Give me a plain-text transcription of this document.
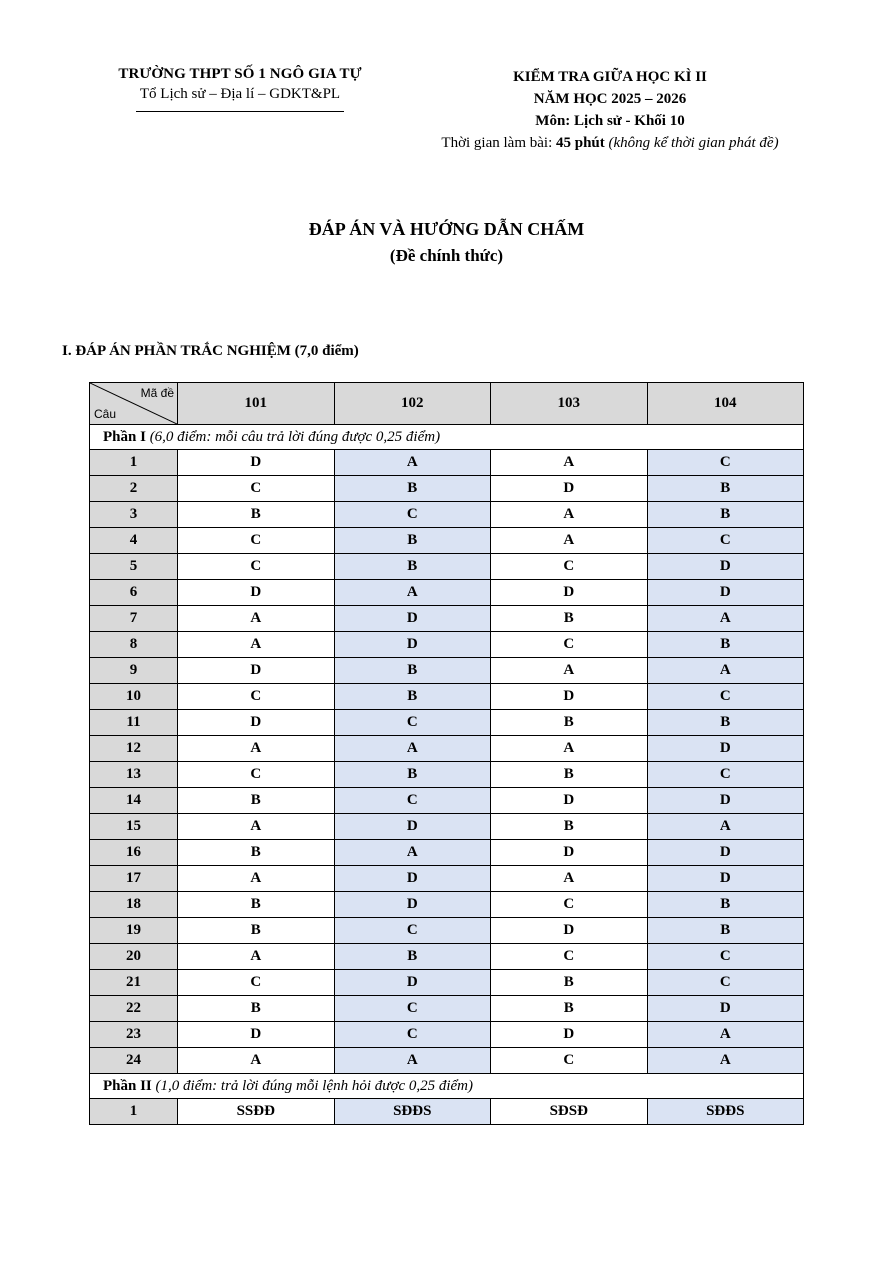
TRƯỜNG THPT SỐ 1 NGÔ GIA TỰ
Tổ Lịch sử – Địa lí – GDKT&PL
KIỂM TRA GIỮA HỌC KÌ II
NĂM HỌC 2025 – 2026
Môn: Lịch sử - Khối 10
Thời gian làm bài: 45 phút (không kể thời gian phát đề)
ĐÁP ÁN VÀ HƯỚNG DẪN CHẤM
(Đề chính thức)
I. ĐÁP ÁN PHẦN TRẮC NGHIỆM (7,0 điểm)
Mã đề
Câu	101	102	103	104
Phần I (6,0 điểm: mỗi câu trả lời đúng được 0,25 điểm)				
1	D	A	A	C
2	C	B	D	B
3	B	C	A	B
4	C	B	A	C
5	C	B	C	D
6	D	A	D	D
7	A	D	B	A
8	A	D	C	B
9	D	B	A	A
10	C	B	D	C
11	D	C	B	B
12	A	A	A	D
13	C	B	B	C
14	B	C	D	D
15	A	D	B	A
16	B	A	D	D
17	A	D	A	D
18	B	D	C	B
19	B	C	D	B
20	A	B	C	C
21	C	D	B	C
22	B	C	B	D
23	D	C	D	A
24	A	A	C	A
Phần II (1,0 điểm: trả lời đúng mỗi lệnh hỏi được 0,25 điểm)				
1	SSĐĐ	SĐĐS	SĐSĐ	SĐĐS
